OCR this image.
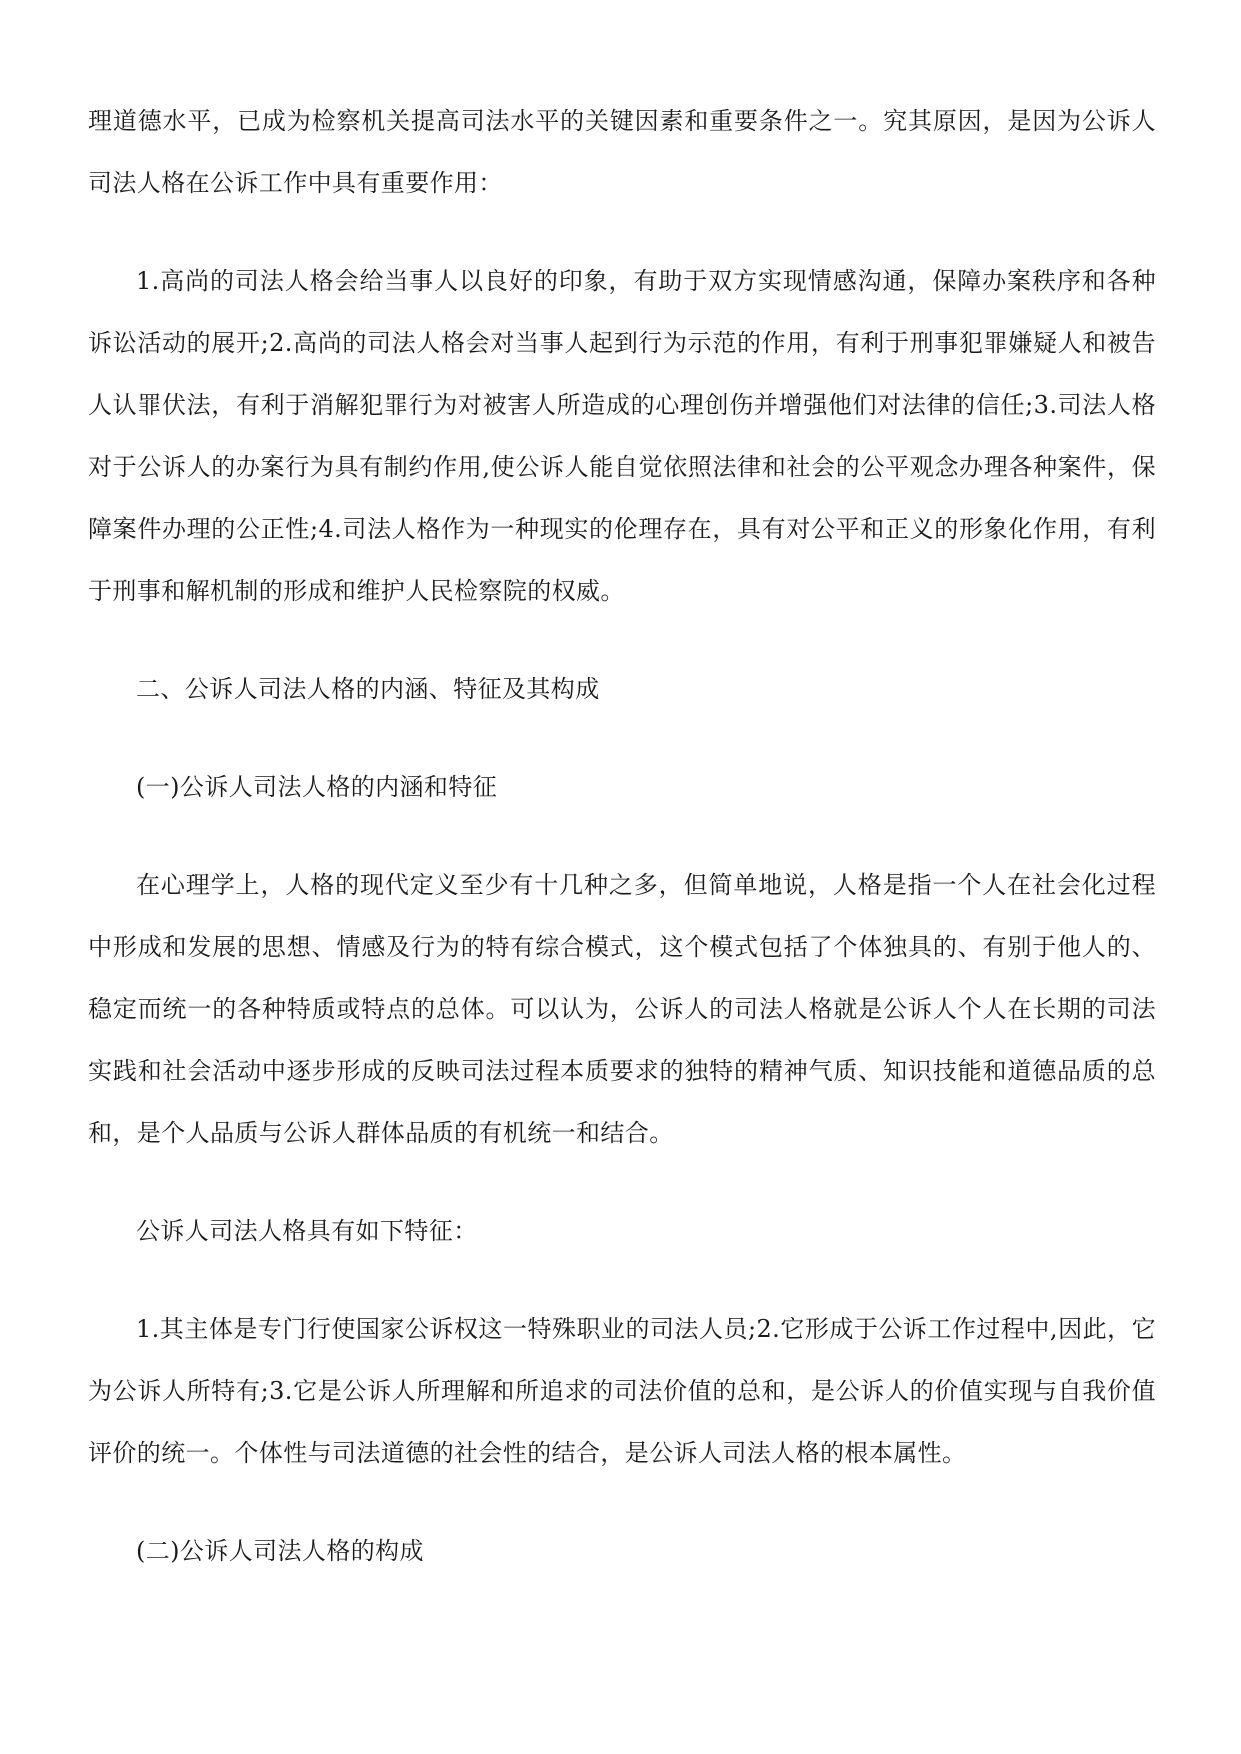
理道德水平，已成为检察机关提高司法水平的关键因素和重要条件之一。究其原因，是因为公诉人司法人格在公诉工作中具有重要作用：

1.高尚的司法人格会给当事人以良好的印象，有助于双方实现情感沟通，保障办案秩序和各种诉讼活动的展开;2.高尚的司法人格会对当事人起到行为示范的作用，有利于刑事犯罪嫌疑人和被告人认罪伏法，有利于消解犯罪行为对被害人所造成的心理创伤并增强他们对法律的信任;3.司法人格对于公诉人的办案行为具有制约作用,使公诉人能自觉依照法律和社会的公平观念办理各种案件，保障案件办理的公正性;4.司法人格作为一种现实的伦理存在，具有对公平和正义的形象化作用，有利于刑事和解机制的形成和维护人民检察院的权威。

二、公诉人司法人格的内涵、特征及其构成

(一)公诉人司法人格的内涵和特征

在心理学上，人格的现代定义至少有十几种之多，但简单地说，人格是指一个人在社会化过程中形成和发展的思想、情感及行为的特有综合模式，这个模式包括了个体独具的、有别于他人的、稳定而统一的各种特质或特点的总体。可以认为，公诉人的司法人格就是公诉人个人在长期的司法实践和社会活动中逐步形成的反映司法过程本质要求的独特的精神气质、知识技能和道德品质的总和，是个人品质与公诉人群体品质的有机统一和结合。

公诉人司法人格具有如下特征：

1.其主体是专门行使国家公诉权这一特殊职业的司法人员;2.它形成于公诉工作过程中,因此，它为公诉人所特有;3.它是公诉人所理解和所追求的司法价值的总和，是公诉人的价值实现与自我价值评价的统一。个体性与司法道德的社会性的结合，是公诉人司法人格的根本属性。

(二)公诉人司法人格的构成
